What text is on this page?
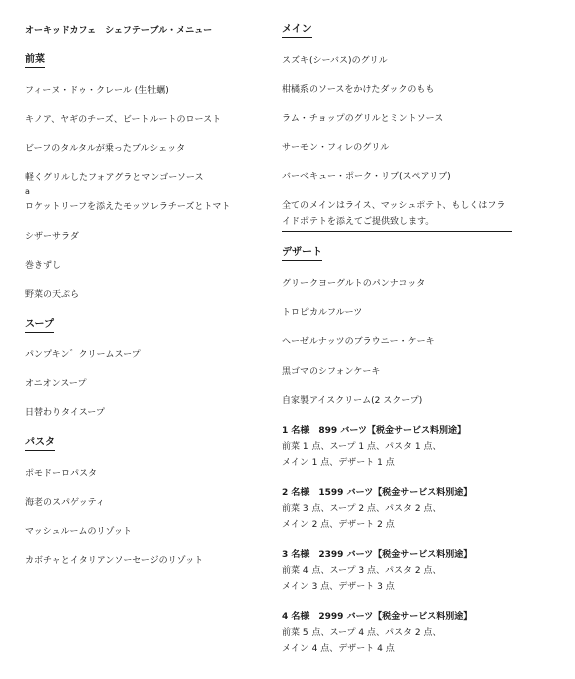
オーキッドカフェ　シェフテーブル・メニュー
前菜
フィーヌ・ドゥ・クレール (生牡蠣)
キノア、ヤギのチーズ、ビートルートのロースト
ビーフのタルタルが乗ったブルシェッタ
軽くグリルしたフォアグラとマンゴーソース
a
ロケットリーフを添えたモッツレラチーズとトマト
シザーサラダ
巻きずし
野菜の天ぷら
スープ
パンプキン゛クリームスープ
オニオンスープ
日替わりタイスープ
パスタ
ポモドーロパスタ
海老のスパゲッティ
マッシュルームのリゾット
カボチャとイタリアンソーセージのリゾット
メイン
スズキ(シーバス)のグリル
柑橘系のソースをかけたダックのもも
ラム・チョップのグリルとミントソース
サーモン・フィレのグリル
バーベキュー・ポーク・リブ(スペアリブ)
全てのメインはライス、マッシュポテト、もしくはフライドポテトを添えてご提供致します。
デザート
グリークヨーグルトのパンナコッタ
トロピカルフルーツ
ヘーゼルナッツのブラウニー・ケーキ
黒ゴマのシフォンケーキ
自家製アイスクリーム(2 スクープ)
1 名様　899 バーツ【税金サービス料別途】
前菜 1 点、スープ 1 点、パスタ 1 点、
メイン 1 点、デザート 1 点
2 名様　1599 バーツ【税金サービス料別途】
前菜 3 点、スープ 2 点、パスタ 2 点、
メイン 2 点、デザート 2 点
3 名様　2399 バーツ【税金サービス料別途】
前菜 4 点、スープ 3 点、パスタ 2 点、
メイン 3 点、デザート 3 点
4 名様　2999 バーツ【税金サービス料別途】
前菜 5 点、スープ 4 点、パスタ 2 点、
メイン 4 点、デザート 4 点
